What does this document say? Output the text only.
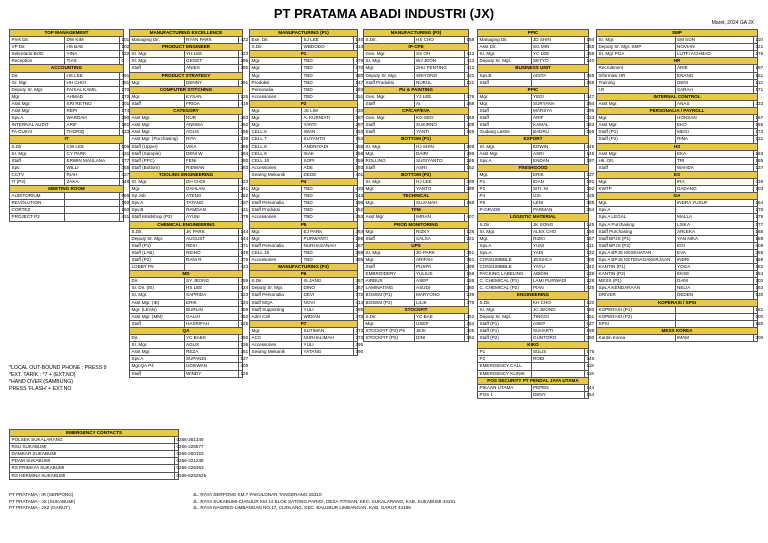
PT PRATAMA ABADI INDUSTRI (JX)
Maret, 2024 GA JX
TOP MANAGEMENT		
Pres Dir.	DW KIM	101
VP Dir.	HS BAE	102
Sekretaris BOD	YINA	122
Reception	TIAS	0
ACCOUNTING		
Dir.	HS LEE	391
Gr. Mgr.	HH CHOI	391
Deputy Sr. Mgr.	FAISAL KAMIL	170
Mgr.	AHMAD	170
Asst Mgr.	SRI RETNO	301
Asst Mgr.	REPI	174
Spv.A	WARDAH	290
INTERNAL AUDIT	ARIF	281
FA CUKAI	THORIQ	133
IT		
S.Dir.	CW LEE	109
Sr. Mgr.	CY PARK	431
Staff	ERWIN MAULANA	177
Spv.	WILLI	355
CCTV	RIAH	427
IT (P2)	ZAKA	348
MEETING ROOM		
AUDITORIUM		666
REVOLUTION		160
CORTEZ		160
PROJECT P2		431
MANUFACTURING EXCELLENCE		
Managing Dir.	RYAN PARK	422
PRODUCT ENGINEER		
Sr. Mgr.	YH LEE	323
Sr. Mgr.	GEGET	286
Staff	ANIES	280
PRODUCT STRATEGY		
Mgr.	DENNY	291
COMPUTER STITCHING		
Mgr.	KYSAN	125
Staff	FRIDA	419
CATEGORY		
Asst Mgr.	NUR	293
Asst Mgr.	ANNISA	292
Asst Mgr.	AGUS	195
Asst Mgr. (Purchasing)	RITA	138
Staff (Upper)	VIKA	285
Staff (Sample)	DENI W	284
Staff (PPC)	FENI	280
Staff (Bottom)	RIDWAN	283
TOOLING ENGINEERING		
Sr. Mgr.	DH CHOI	323
Mgr.	DAHLAN	141
Sp Job	ATENG	282
Spv.A	TATANG	337
Spv.B	RAMDAN	421
Staff Moldshop (P3)	AYUNI	379
CHEMICAL ENGINEERING		
S.Dir.	JK PARK	144
Deputy Sr. Mgr.	AUGUST	144
Staff (P1)	RESI	371
Staff (LAB)	REINO	149
Staff (P2)	RANI R	375
LOBBY P5		423
MD		
Dir.	SY JEONG	259
Sr. Dir. (IE)	HS LEE	424
Sr. Mgr.	SAPRIDA	123
Asst Mgr. (IE)	ERIK	124
Mgr. (LEAN)	BURLIN	359
Asst Mgr. (MM)	GALIH	352
Staff	HASRIFAH	126
QA		
Dir.	YC BAEK	350
Sr. Mgr.	AGUS	136
Asst Mgr.	REZA	381
Spv.A	SUPANDI	127
Mgr.QA P4	UDI/IWAN	405
Staff	WINDY	125
MANUFACTURING (P1)		
Exe. Dir.	SJ LEE	140
S.Dir.	WBDODO	214
P1		
Mgr.	TBD	270
Mgr.	TBD	270
Mgr.	TBD	280
Produksi	TBD	147
Personalia	TBD	183
Accessories	TBD	114
P2		
Mgr.	JS LIM	430
Mgr.	A. KURNIATI	287
Mgr.	YANTI	287
CELL 6	IWAN	153
CELL 7	SUYANTO	154
CELL 8	ANDRIYADI	155
CELL 9	ISAK	156
CELL 10	SOPI	159
Accessories	ADE	193
Sewing Mekanik	DEDE	401
P4		
Mgr.	TBD	430
Mgr.	TBD	143
Staff Personalia	TBD	196
Staff Produksi	TBD	152
Accessories	TBD	253
P5		
Mgr.	EJ PARK	364
Mgr.	PURWANTI	296
Staff Personalia	NURHASANAH	297
CELL 16	TBD	386
Accessories	TBD	295
MANUFACTURING (P3)		
P6		
S.Dir.	IS JANG	367
Deputy Sr. Mgr.	DINO	367
Staff Personalia	DEVI	372
Staff MQA	NOVI	414
Staff Supporting	YULI	395
Adm Cell	WIDIAN	373
P7		
Mgr.	SUTIMAN	373
ACC	NURHALIMAH	373
Accessories	YULI	395
Sewing Mekanik	YATANG	390
MANUFACTURING (P3)		
S.Dir.	HS CHO	158
IP-CPE		
Gen. Mgr.	SS OH	413
Sr. Mgr.	WJ JEON	413
Mgr.	ZHU FENTING	412
Deputy Sr. Mgr.	SRIYONO	232
Staff Produksi	NURUL	121
PU & PAINTING		
Gen. Mgr.	YJ LEE	378
Staff	AI	288
CP/CAP/EVA		
Gen. Mgr.	KG SEO	169
Staff	SUKIRNO	408
Staff	YANTI	169
BOTTOM (P1)		
Sr. Mgr.	HJ SHIN	298
Mgr.	DAIRI	298
ROLLING	SUGIYANTO	265
Staff	ASRI	152
BOTTOM (P2)		
Sr. Mgr.	HJ LEE	389
Mgr.	YANTO	389
TECHNICAL		
Mgr.	SUJANAH	188
TFM		
Asst Mgr.	IMRAN	407
PROD MONITORING		
Mgr.	RIZKY	128
Staff	SALSA	222
UPS		
Sr. Mgr.	JD PARK	361
Mgr.	ARIFAH	361
Staff	PUSPA	299
EMBROIDERY	YULIUS	158
AIRBUS	ASEP	158
LAMINATING	ASUDI	380
BOSEM (P1)	MARYONO	239
BOSEM (P2)	LILIK	376
STOCKFIT		
S.Dir.	YC BAE	352
Mgr.	USEP	254
STOCKFIT (P2) P6	JESI	305
STOCKFIT (P2)	DINI	362
PPIC		
Managing Dir.	JD SHIN	194
Asst Dir.	SG MIN	358
Sr. Mgr.	YC LEE	358
Deputy Sr. Mgr.	SETYO	140
BUSINESS UNIT		
Spv.B	ADITA	358
Staff		289
PPIC		
Mgr.	YEDI	347
Mgr.	SURYANA	294
Staff	MARSYA	299
Staff	ARIF	223
Staff	KAMAL	363
Gudang Lastre	BADRU	156
EXPORT		
Sr. Mgr.	EDWIN	145
Asst Mgr.	ASRI	145
Spv.A	ENDAN	197
FINISHGOOD		
Mgr.	ERIK	237
P1	IDAN	191
P2	SITI. M	192
P4	USI	235
P5	LENI	388
P-GRADE	PARMAN	354
LOGISTIC MATERIAL		
S.Dir.	JK SONG	146
Sr. Mgr.	ALEX CHO	150
Mgr.	RIZKI	157
Spv.A	YUNI	211
Spv.A	YADI	132
CONSUMBBLE	JESSICA	308
CONSUMBBLE	YAYU	242
PACKING LABELING	ABIDIN	238
C. CHEMICAL (P1)	LAMI PURWADI	128
C. CHEMICAL (P2)	PIAN	425
ENGINEERING		
S.Dir.	KH CHO	120
Sr. Mgr.	JC JEONG	150
Deputy Sr. Mgr.	TINGGI	151
Staff (P1)	ASEP	137
Staff (P1)	SUHARTI	199
Staff (P2)	GUNTORO	390
KIKO		
P1	SULIS	175
P2	ROBI	346
EMERGENCY CALL		118
EMERGENCY KLINIK		119
POS SECURITY PT PENDAL JAYA UTAMA		
PIKAAN UTAMA	PEPEN	144
POS 1	DENY	154
SMP		
Sr. Mgr.	SM SON	110
Deputy Sr. Mgr. SMP	NOVIAN	221
Sr. Mgr PGA	LUTFI ACHMAD	176
HR		
Recruitment	ARIE	197
Informasi HR	ENANG	161
Training	DENI	112
I.R	SARAH	171
INTERNAL CONTROL		
Asst Mgr.	ANAS	333
PERSONALIA / PAYROLL		
Mgr.	HONSAN	167
Asst Mgr.	EKO	165
Staff (P1)	MEGI	173
Staff (P2)	RINA	131
HS		
Asst Mgr.	EKA	163
Hk. Ofc	TRI	165
Staff	WAHDA	137
ES		
Mgr.	IRA	339
KWTP	DADANG	203
GA		
Mgr.	INDRA YUSUF	164
Spv.A		179
Spv.A LEGAL	MALLA	179
Spv.A Purchasing	LISKA	177
Staff Purchasing	ARLEKA	168
Staff BPJS (P1)	YAN NIKA	189
Staff BPJS (P2)	EGI	409
Spv.A BPJS KESEHATAN	EVA	368
Spv.A BPJS KETENAGAKERJAAN	INDRI	189
KANTIN (P1)	YOGA	182
KANTIN (P2)	EKSE	184
MESS (P1)	DANI	202
Spv.A KENDARAAN	NELIA	163
DRIVER	DEDEN	130
KOPERASI / SPSI		
KOPERASI (P1)		181
KOPERASI (P2)		600
SPSI		180
MESS KOREA		
Kantin Korea	IMAM	300
*LOCAL OUT-BOUND PHONE : PRESS 9
*EXT. TARIK : *7 + (EXT.NO)
*HAND OVER (SAMBUNG)
PRESS 'FLASH' + EXT.NO
EMERGENCY CONTACTS	
POLSEK SUKALARANG	0266-261349
RSU SUKABUMI	0266-225577
DAMKAR SUKABUMI	0266-260153
PDAM SUKABUMI	0266-221248
RS PRIMAYA SUKABUMI	0266-226363
RS HERMINA SUKABUMI	0266-6252525
PT PRATAMA - IR (SERPONG)
PT PRATAMA - JX (SUKABUMI)
PT PRATAMA - JX2 (GARUT)
JL. RAYA SERPONG KM.7 PAKULONAN TANGERANG 15310
JL. RAYA SUKABUMI-CIANJUR KM 14 BLOK SATONG PARIGI, DESA TITISAN, KEC. SUKALARANG, KAB. SUKABUMI 43191
JL. RAYA NAGREG-LIMBANGAN NO.17, CIJOLANG, KEC. BALUBUR LIMBANGAN, KAB. GARUT 44186
